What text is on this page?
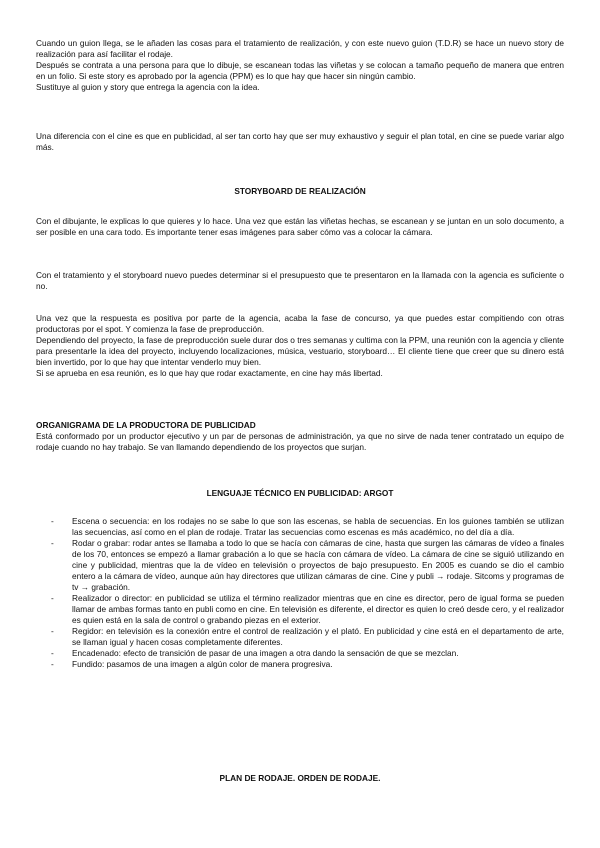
Cuando un guion llega, se le añaden las cosas para el tratamiento de realización, y con este nuevo guion (T.D.R) se hace un nuevo story de realización para así facilitar el rodaje.

Después se contrata a una persona para que lo dibuje, se escanean todas las viñetas y se colocan a tamaño pequeño de manera que entren en un folio. Si este story es aprobado por la agencia (PPM) es lo que hay que hacer sin ningún cambio.

Sustituye al guion y story que entrega la agencia con la idea.

Una diferencia con el cine es que en publicidad, al ser tan corto hay que ser muy exhaustivo y seguir el plan total, en cine se puede variar algo más.

STORYBOARD DE REALIZACIÓN

Con el dibujante, le explicas lo que quieres y lo hace. Una vez que están las viñetas hechas, se escanean y se juntan en un solo documento, a ser posible en una cara todo. Es importante tener esas imágenes para saber cómo vas a colocar la cámara.

Con el tratamiento y el storyboard nuevo puedes determinar si el presupuesto que te presentaron en la llamada con la agencia es suficiente o no.

Una vez que la respuesta es positiva por parte de la agencia, acaba la fase de concurso, ya que puedes estar compitiendo con otras productoras por el spot. Y comienza la fase de preproducción.

Dependiendo del proyecto, la fase de preproducción suele durar dos o tres semanas y cultima con la PPM, una reunión con la agencia y cliente para presentarle la idea del proyecto, incluyendo localizaciones, música, vestuario, storyboard… El cliente tiene que creer que su dinero está bien invertido, por lo que hay que intentar venderlo muy bien.

Si se aprueba en esa reunión, es lo que hay que rodar exactamente, en cine hay más libertad.

ORGANIGRAMA DE LA PRODUCTORA DE PUBLICIDAD

Está conformado por un productor ejecutivo y un par de personas de administración, ya que no sirve de nada tener contratado un equipo de rodaje cuando no hay trabajo. Se van llamando dependiendo de los proyectos que surjan.

LENGUAJE TÉCNICO EN PUBLICIDAD: ARGOT
- Escena o secuencia: en los rodajes no se sabe lo que son las escenas, se habla de secuencias. En los guiones también se utilizan las secuencias, así como en el plan de rodaje. Tratar las secuencias como escenas es más académico, no del día a día.
- Rodar o grabar: rodar antes se llamaba a todo lo que se hacía con cámaras de cine, hasta que surgen las cámaras de vídeo a finales de los 70, entonces se empezó a llamar grabación a lo que se hacía con cámara de vídeo. La cámara de cine se siguió utilizando en cine y publicidad, mientras que la de vídeo en televisión o proyectos de bajo presupuesto. En 2005 es cuando se dio el cambio entero a la cámara de vídeo, aunque aún hay directores que utilizan cámaras de cine. Cine y publi → rodaje. Sitcoms y programas de tv → grabación.
- Realizador o director: en publicidad se utiliza el término realizador mientras que en cine es director, pero de igual forma se pueden llamar de ambas formas tanto en publi como en cine. En televisión es diferente, el director es quien lo creó desde cero, y el realizador es quien está en la sala de control o grabando piezas en el exterior.
- Regidor: en televisión es la conexión entre el control de realización y el plató. En publicidad y cine está en el departamento de arte, se llaman igual y hacen cosas completamente diferentes.
- Encadenado: efecto de transición de pasar de una imagen a otra dando la sensación de que se mezclan.
- Fundido: pasamos de una imagen a algún color de manera progresiva.
PLAN DE RODAJE. ORDEN DE RODAJE.
